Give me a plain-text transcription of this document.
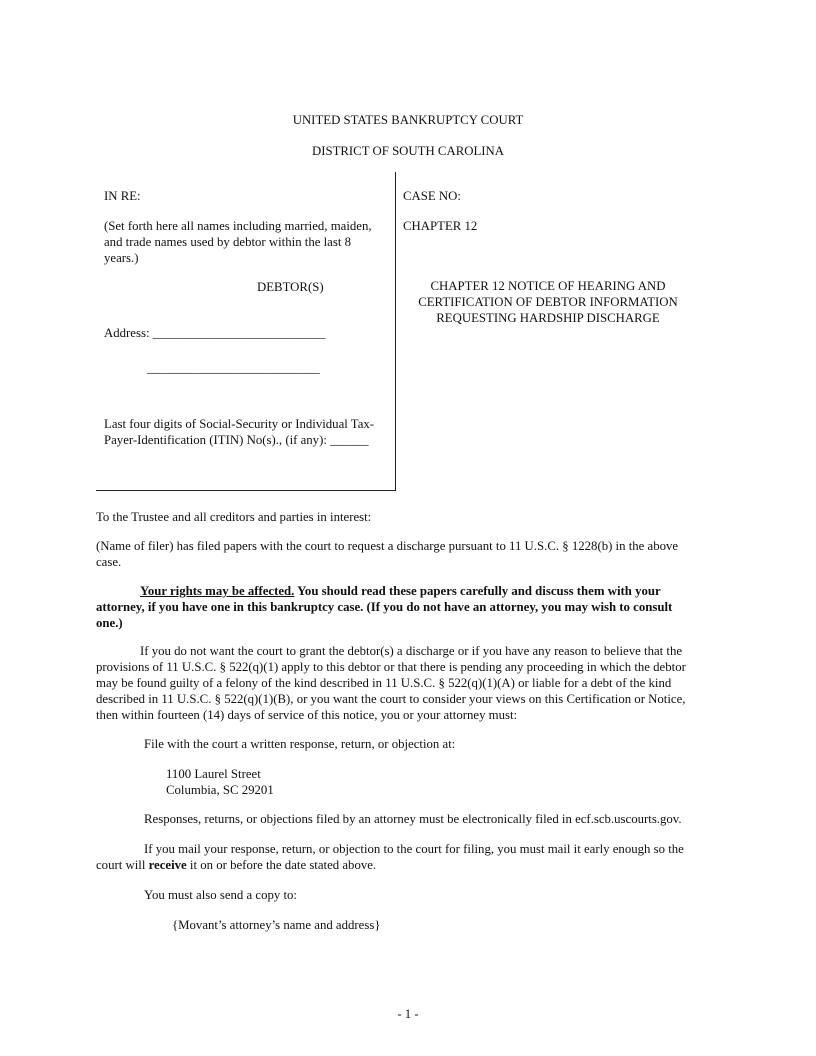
UNITED STATES BANKRUPTCY COURT
DISTRICT OF SOUTH CAROLINA
IN RE:
(Set forth here all names including married, maiden,
and trade names used by debtor within the last 8
years.)
DEBTOR(S)
Address: ___________________________
___________________________
Last four digits of Social-Security or Individual Tax-
Payer-Identification (ITIN) No(s)., (if any): ______
CASE NO:
CHAPTER 12
CHAPTER 12 NOTICE OF HEARING AND
CERTIFICATION OF DEBTOR INFORMATION
REQUESTING HARDSHIP DISCHARGE
To the Trustee and all creditors and parties in interest:
(Name of filer) has filed papers with the court to request a discharge pursuant to 11 U.S.C. § 1228(b) in the above
case.
Your rights may be affected. You should read these papers carefully and discuss them with your
attorney, if you have one in this bankruptcy case. (If you do not have an attorney, you may wish to consult
one.)
If you do not want the court to grant the debtor(s) a discharge or if you have any reason to believe that the
provisions of 11 U.S.C. § 522(q)(1) apply to this debtor or that there is pending any proceeding in which the debtor
may be found guilty of a felony of the kind described in 11 U.S.C. § 522(q)(1)(A) or liable for a debt of the kind
described in 11 U.S.C. § 522(q)(1)(B), or you want the court to consider your views on this Certification or Notice,
then within fourteen (14) days of service of this notice, you or your attorney must:
File with the court a written response, return, or objection at:
1100 Laurel Street
Columbia, SC 29201
Responses, returns, or objections filed by an attorney must be electronically filed in ecf.scb.uscourts.gov.
If you mail your response, return, or objection to the court for filing, you must mail it early enough so the
court will receive it on or before the date stated above.
You must also send a copy to:
{Movant’s attorney’s name and address}
- 1 -
